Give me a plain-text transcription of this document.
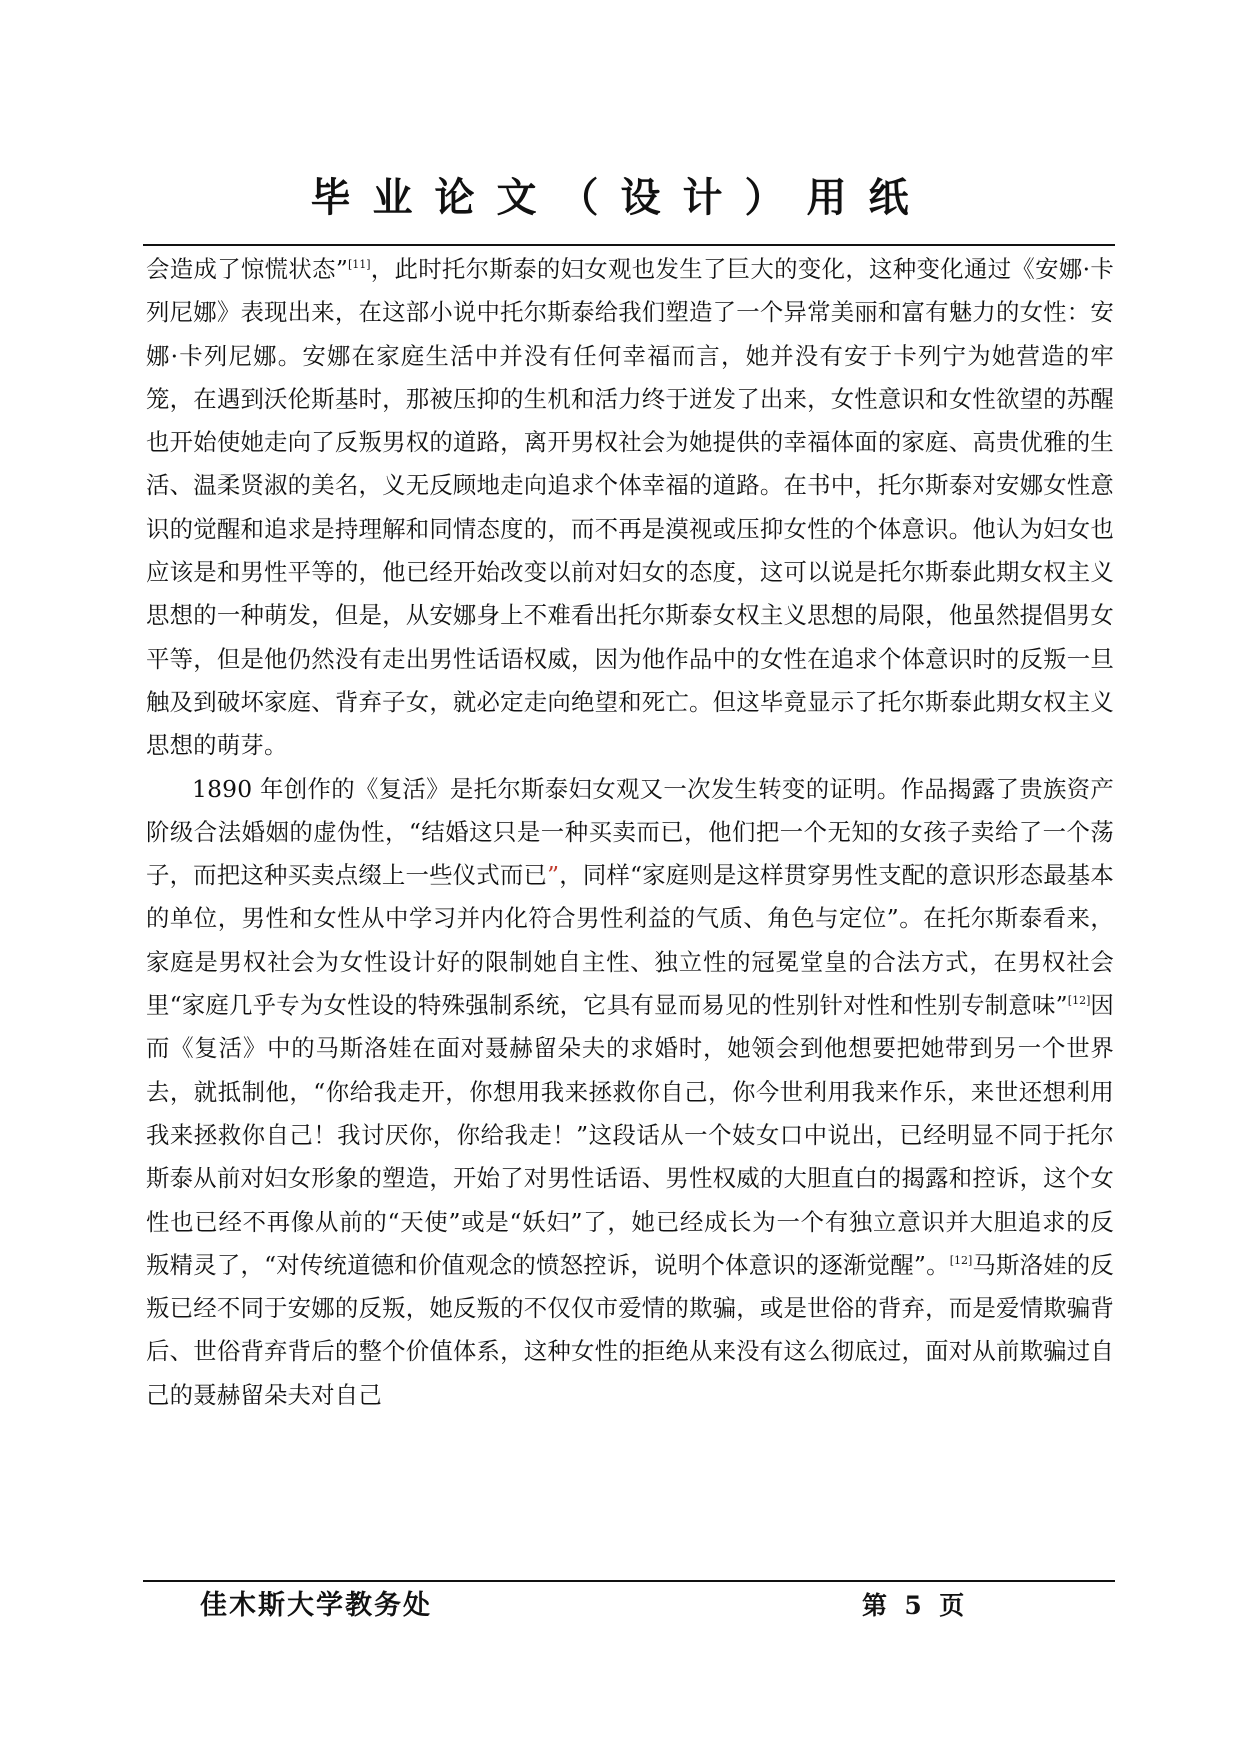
毕业论文（设计）用纸

会造成了惊慌状态”[11]，此时托尔斯泰的妇女观也发生了巨大的变化，这种变化通过《安娜·卡列尼娜》表现出来，在这部小说中托尔斯泰给我们塑造了一个异常美丽和富有魅力的女性：安娜·卡列尼娜。安娜在家庭生活中并没有任何幸福而言，她并没有安于卡列宁为她营造的牢笼，在遇到沃伦斯基时，那被压抑的生机和活力终于迸发了出来，女性意识和女性欲望的苏醒也开始使她走向了反叛男权的道路，离开男权社会为她提供的幸福体面的家庭、高贵优雅的生活、温柔贤淑的美名，义无反顾地走向追求个体幸福的道路。在书中，托尔斯泰对安娜女性意识的觉醒和追求是持理解和同情态度的，而不再是漠视或压抑女性的个体意识。他认为妇女也应该是和男性平等的，他已经开始改变以前对妇女的态度，这可以说是托尔斯泰此期女权主义思想的一种萌发，但是，从安娜身上不难看出托尔斯泰女权主义思想的局限，他虽然提倡男女平等，但是他仍然没有走出男性话语权威，因为他作品中的女性在追求个体意识时的反叛一旦触及到破坏家庭、背弃子女，就必定走向绝望和死亡。但这毕竟显示了托尔斯泰此期女权主义思想的萌芽。

1890 年创作的《复活》是托尔斯泰妇女观又一次发生转变的证明。作品揭露了贵族资产阶级合法婚姻的虚伪性，“结婚这只是一种买卖而已，他们把一个无知的女孩子卖给了一个荡子，而把这种买卖点缀上一些仪式而已”，同样“家庭则是这样贯穿男性支配的意识形态最基本的单位，男性和女性从中学习并内化符合男性利益的气质、角色与定位”。在托尔斯泰看来，家庭是男权社会为女性设计好的限制她自主性、独立性的冠冕堂皇的合法方式，在男权社会里“家庭几乎专为女性设的特殊强制系统，它具有显而易见的性别针对性和性别专制意味”[12]因而《复活》中的马斯洛娃在面对聂赫留朵夫的求婚时，她领会到他想要把她带到另一个世界去，就抵制他，“你给我走开，你想用我来拯救你自己，你今世利用我来作乐，来世还想利用我来拯救你自己！我讨厌你，你给我走！”这段话从一个妓女口中说出，已经明显不同于托尔斯泰从前对妇女形象的塑造，开始了对男性话语、男性权威的大胆直白的揭露和控诉，这个女性也已经不再像从前的“天使”或是“妖妇”了，她已经成长为一个有独立意识并大胆追求的反叛精灵了，“对传统道德和价值观念的愤怒控诉，说明个体意识的逐渐觉醒”。[12]马斯洛娃的反叛已经不同于安娜的反叛，她反叛的不仅仅市爱情的欺骗，或是世俗的背弃，而是爱情欺骗背后、世俗背弃背后的整个价值体系，这种女性的拒绝从来没有这么彻底过，面对从前欺骗过自己的聂赫留朵夫对自己

佳木斯大学教务处	第  5  页
